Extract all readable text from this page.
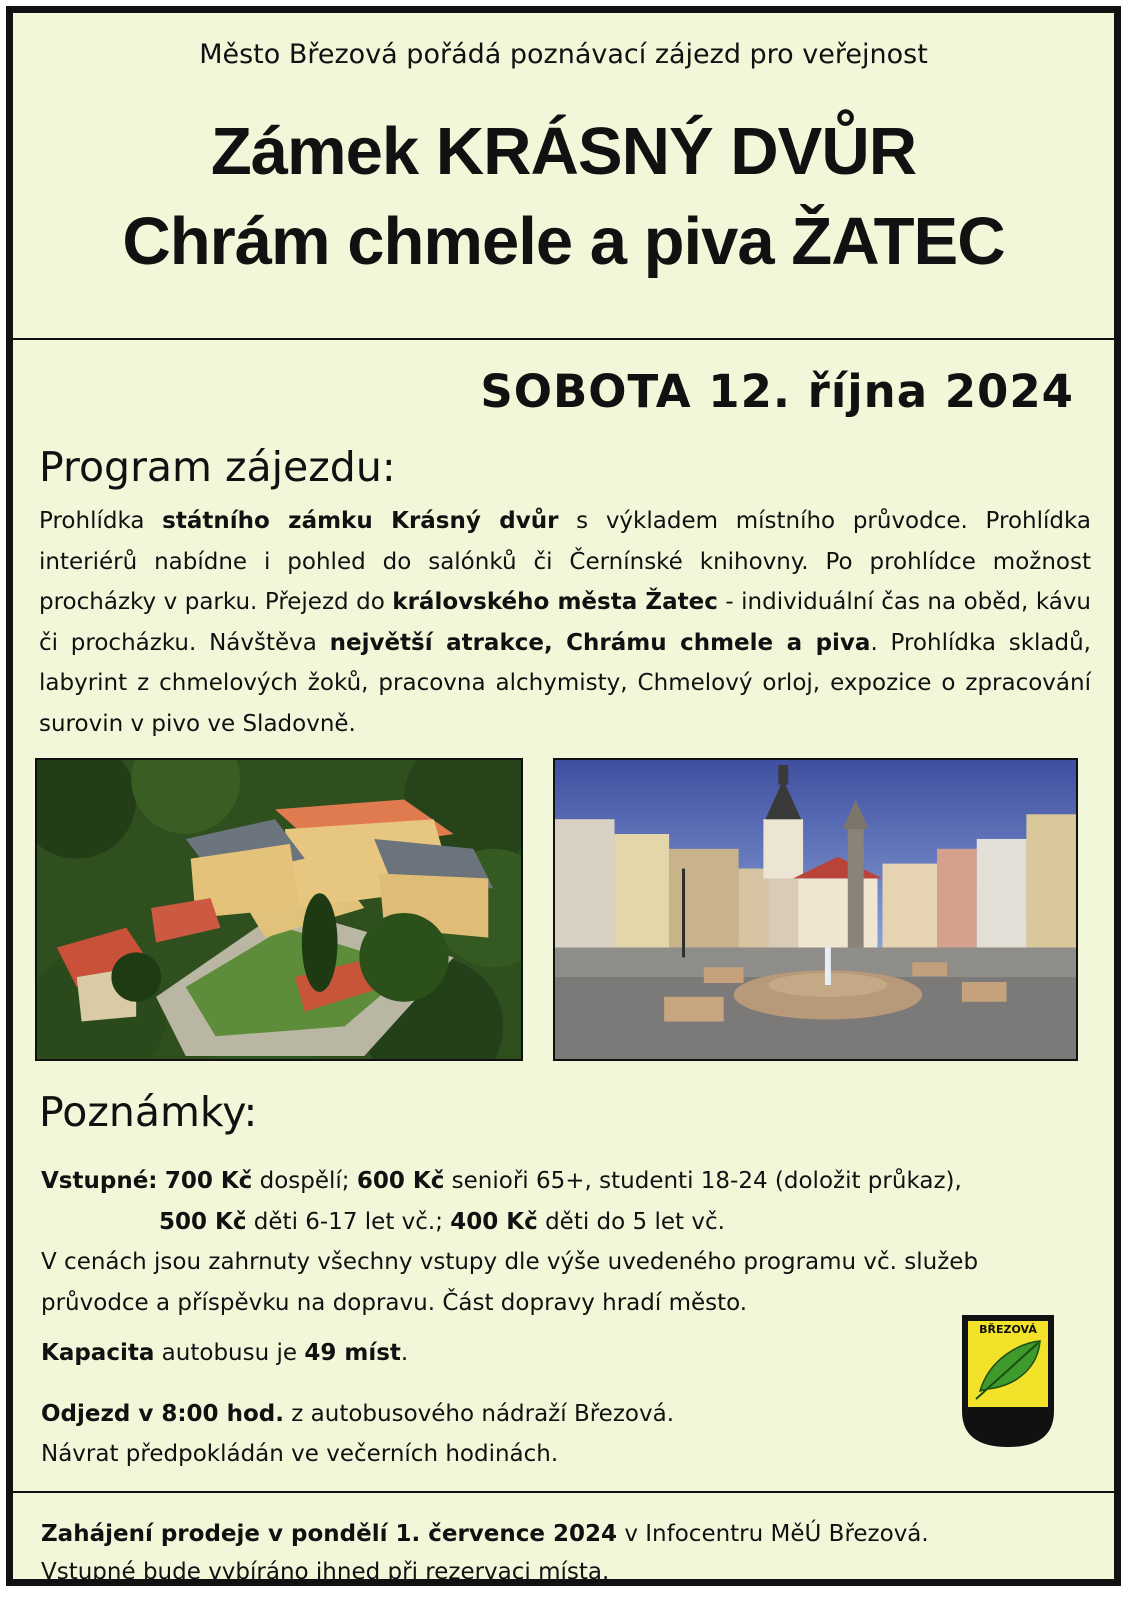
Město Březová pořádá poznávací zájezd pro veřejnost
Zámek KRÁSNÝ DVŮR
Chrám chmele a piva ŽATEC
SOBOTA 12. října 2024
Program zájezdu:
Prohlídka státního zámku Krásný dvůr s výkladem místního průvodce. Prohlídka interiérů nabídne i pohled do salónků či Černínské knihovny. Po prohlídce možnost procházky v parku. Přejezd do královského města Žatec - individuální čas na oběd, kávu či procházku. Návštěva největší atrakce, Chrámu chmele a piva. Prohlídka skladů, labyrint z chmelových žoků, pracovna alchymisty, Chmelový orloj, expozice o zpracování surovin v pivo ve Sladovně.
Poznámky:
Vstupné: 700 Kč dospělí; 600 Kč senioři 65+, studenti 18-24 (doložit průkaz),
500 Kč děti 6-17 let vč.; 400 Kč děti do 5 let vč.
V cenách jsou zahrnuty všechny vstupy dle výše uvedeného programu vč. služeb
průvodce a příspěvku na dopravu. Část dopravy hradí město.
Kapacita autobusu je 49 míst.
Odjezd v 8:00 hod. z autobusového nádraží Březová.
Návrat předpokládán ve večerních hodinách.
BŘEZOVÁ
Zahájení prodeje v pondělí 1. července 2024 v Infocentru MěÚ Březová.
Vstupné bude vybíráno ihned při rezervaci místa.
